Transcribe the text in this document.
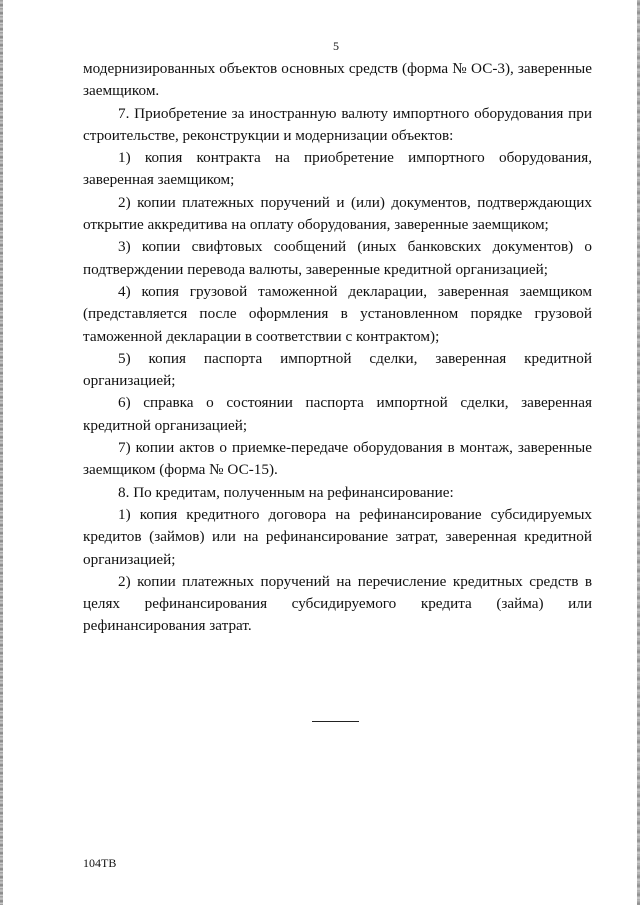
5

модернизированных объектов основных средств (форма № ОС-3), заверенные заемщиком.

7. Приобретение за иностранную валюту импортного оборудования при строительстве, реконструкции и модернизации объектов:

1) копия контракта на приобретение импортного оборудования, заверенная заемщиком;

2) копии платежных поручений и (или) документов, подтверждающих открытие аккредитива на оплату оборудования, заверенные заемщиком;

3) копии свифтовых сообщений (иных банковских документов) о подтверждении перевода валюты, заверенные кредитной организацией;

4) копия грузовой таможенной декларации, заверенная заемщиком (представляется после оформления в установленном порядке грузовой таможенной декларации в соответствии с контрактом);

5) копия паспорта импортной сделки, заверенная кредитной организацией;

6) справка о состоянии паспорта импортной сделки, заверенная кредитной организацией;

7) копии актов о приемке-передаче оборудования в монтаж, заверенные заемщиком (форма № ОС-15).

8. По кредитам, полученным на рефинансирование:

1) копия кредитного договора на рефинансирование субсидируемых кредитов (займов) или на рефинансирование затрат, заверенная кредитной организацией;

2) копии платежных поручений на перечисление кредитных средств в целях рефинансирования субсидируемого кредита (займа) или рефинансирования затрат.

104ТВ
